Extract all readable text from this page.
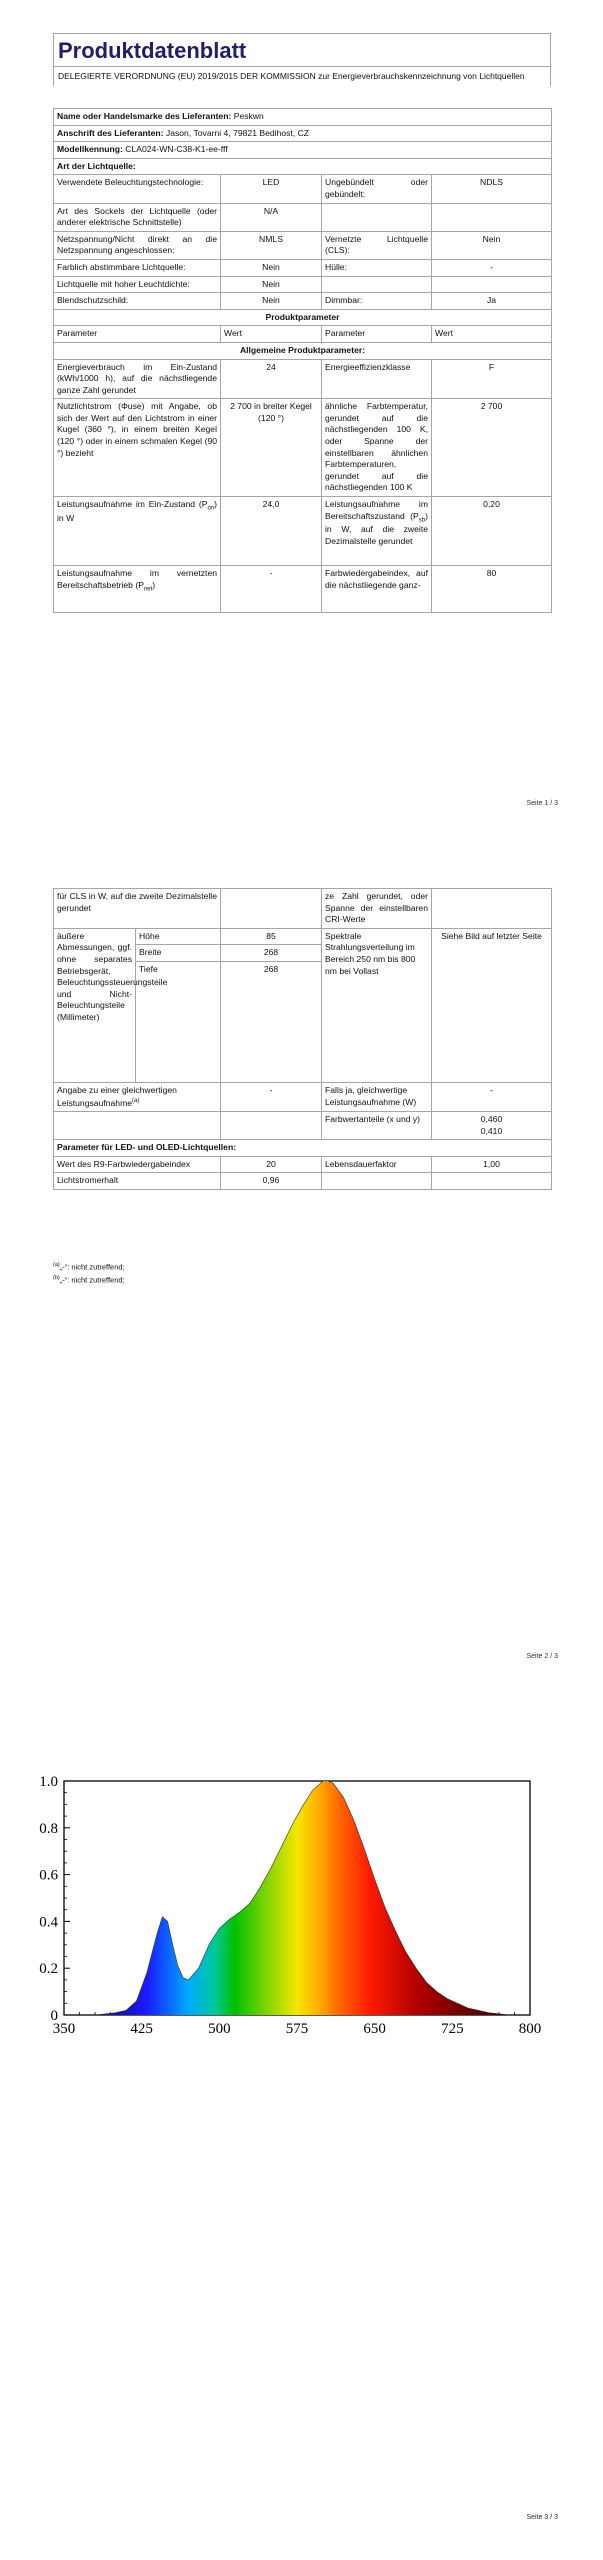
Produktdatenblatt
DELEGIERTE VERORDNUNG (EU) 2019/2015 DER KOMMISSION zur Energieverbrauchskennzeichnung von Lichtquellen
Name oder Handelsmarke des Lieferanten: Peskwn			
Anschrift des Lieferanten: Jason, Tovarni 4, 79821 Bedihost, CZ			
Modellkennung: CLA024-WN-C38-K1-ee-fff			
Art der Lichtquelle:			
Verwendete Beleuchtungstechnologie:	LED	Ungebündelt oder gebündelt:	NDLS
Art des Sockels der Lichtquelle (oder anderer elektrische Schnittstelle)	N/A		
Netzspannung/Nicht direkt an die Netzspannung angeschlossen:	NMLS	Vernetzte Lichtquelle (CLS):	Nein
Farblich abstimmbare Lichtquelle:	Nein	Hülle:	-
Lichtquelle mit hoher Leuchtdichte:	Nein		
Blendschutzschild:	Nein	Dimmbar:	Ja
Produktparameter			
Parameter	Wert	Parameter	Wert
Allgemeine Produktparameter:			
Energieverbrauch im Ein-Zustand (kWh/1000 h), auf die nächstliegende ganze Zahl gerundet	24	Energieeffizienzklasse	F
Nutzlichtstrom (Φuse) mit Angabe, ob sich der Wert auf den Lichtstrom in einer Kugel (360 °), in einem breiten Kegel (120 °) oder in einem schmalen Kegel (90 °) bezieht	2 700 in breiter Kegel (120 °)	ähnliche Farbtemperatur, gerundet auf die nächstliegenden 100 K, oder Spanne der einstellbaren ähnlichen Farbtemperaturen, gerundet auf die nächstliegenden 100 K	2 700
Leistungsaufnahme im Ein-Zustand $(P_{on})$ in W	24,0	Leistungsaufnahme im Bereitschaftszustand $(P_{sb})$ in W, auf die zweite Dezimalstelle gerundet	0,20
Leistungsaufnahme im vernetzten Bereitschaftsbetrieb $(P_{net})$	-	Farbwiedergabeindex, auf die nächstliegende ganz-	80
Seite 1 / 3
für CLS in W, auf die zweite Dezimalstelle gerundet			ze Zahl gerundet, oder Spanne der einstellbaren CRI-Werte	
äußere Abmessungen, ggf. ohne separates Betriebsgerät, Beleuchtungssteuerungsteile und Nicht-Beleuchtungsteile (Millimeter)	Höhe	85	Spektrale Strahlungsverteilung im Bereich 250 nm bis 800 nm bei Vollast	Siehe Bild auf letzter Seite
	Breite	268		
	Tiefe	268		
Angabe zu einer gleichwertigen Leistungsaufnahme$^{(a)}$		-	Falls ja, gleichwertige Leistungsaufnahme (W)	-
			Farbwertanteile (x und y)	0,460
0,410

Parameter für LED- und OLED-Lichtquellen:				
Wert des R9-Farbwiedergabeindex		20	Lebensdauerfaktor	1,00
Lichtstromerhalt		0,96		
$^{(a)}$„-“: nicht zutreffend;
$^{(b)}$„-“: nicht zutreffend;
Seite 2 / 3
350	425	500	575	650	725	800
0
0.2
0.4
0.6
0.8
1.0
Seite 3 / 3
